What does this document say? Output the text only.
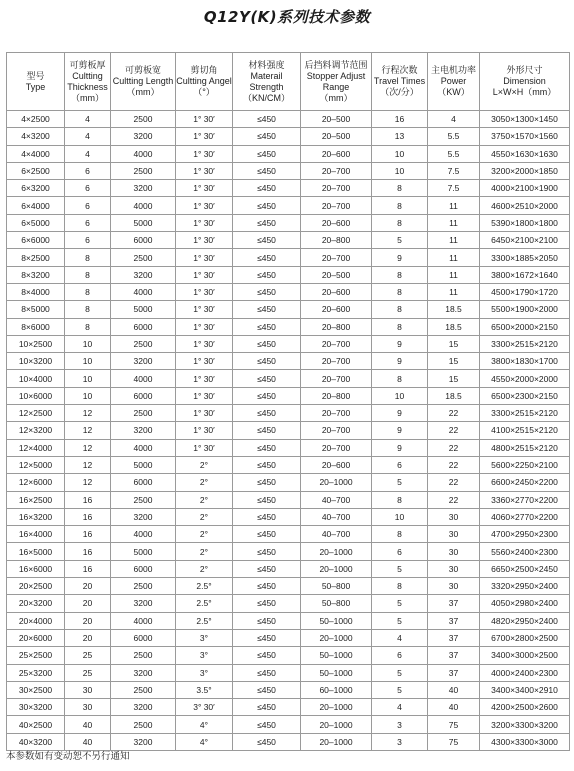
Q12Y(K)系列技术参数
型号
Type	可剪板厚
Cultting
Thickness
（mm）	可剪板宽
Cultting Length
（mm）	剪切角
Cultting Angel
（°）	材料强度
Materail Strength
（KN/CM）	后挡料调节范围
Stopper Adjust
Range
（mm）	行程次数
Travel Times
（次/分）	主电机功率
Power
（KW）	外形尺寸
Dimension
L×W×H（mm）

4×2500	4	2500	1° 30′	≤450	20–500	16	4	3050×1300×1450
4×3200	4	3200	1° 30′	≤450	20–500	13	5.5	3750×1570×1560
4×4000	4	4000	1° 30′	≤450	20–600	10	5.5	4550×1630×1630
6×2500	6	2500	1° 30′	≤450	20–700	10	7.5	3200×2000×1850
6×3200	6	3200	1° 30′	≤450	20–700	8	7.5	4000×2100×1900
6×4000	6	4000	1° 30′	≤450	20–700	8	11	4600×2510×2000
6×5000	6	5000	1° 30′	≤450	20–600	8	11	5390×1800×1800
6×6000	6	6000	1° 30′	≤450	20–800	5	11	6450×2100×2100
8×2500	8	2500	1° 30′	≤450	20–700	9	11	3300×1885×2050
8×3200	8	3200	1° 30′	≤450	20–500	8	11	3800×1672×1640
8×4000	8	4000	1° 30′	≤450	20–600	8	11	4500×1790×1720
8×5000	8	5000	1° 30′	≤450	20–600	8	18.5	5500×1900×2000
8×6000	8	6000	1° 30′	≤450	20–800	8	18.5	6500×2000×2150
10×2500	10	2500	1° 30′	≤450	20–700	9	15	3300×2515×2120
10×3200	10	3200	1° 30′	≤450	20–700	9	15	3800×1830×1700
10×4000	10	4000	1° 30′	≤450	20–700	8	15	4550×2000×2000
10×6000	10	6000	1° 30′	≤450	20–800	10	18.5	6500×2300×2150
12×2500	12	2500	1° 30′	≤450	20–700	9	22	3300×2515×2120
12×3200	12	3200	1° 30′	≤450	20–700	9	22	4100×2515×2120
12×4000	12	4000	1° 30′	≤450	20–700	9	22	4800×2515×2120
12×5000	12	5000	2°	≤450	20–600	6	22	5600×2250×2100
12×6000	12	6000	2°	≤450	20–1000	5	22	6600×2450×2200
16×2500	16	2500	2°	≤450	40–700	8	22	3360×2770×2200
16×3200	16	3200	2°	≤450	40–700	10	30	4060×2770×2200
16×4000	16	4000	2°	≤450	40–700	8	30	4700×2950×2300
16×5000	16	5000	2°	≤450	20–1000	6	30	5560×2400×2300
16×6000	16	6000	2°	≤450	20–1000	5	30	6650×2500×2450
20×2500	20	2500	2.5°	≤450	50–800	8	30	3320×2950×2400
20×3200	20	3200	2.5°	≤450	50–800	5	37	4050×2980×2400
20×4000	20	4000	2.5°	≤450	50–1000	5	37	4820×2950×2400
20×6000	20	6000	3°	≤450	20–1000	4	37	6700×2800×2500
25×2500	25	2500	3°	≤450	50–1000	6	37	3400×3000×2500
25×3200	25	3200	3°	≤450	50–1000	5	37	4000×2400×2300
30×2500	30	2500	3.5°	≤450	60–1000	5	40	3400×3400×2910
30×3200	30	3200	3° 30′	≤450	20–1000	4	40	4200×2500×2600
40×2500	40	2500	4°	≤450	20–1000	3	75	3200×3300×3200
40×3200	40	3200	4°	≤450	20–1000	3	75	4300×3300×3000
本参数如有变动恕不另行通知
